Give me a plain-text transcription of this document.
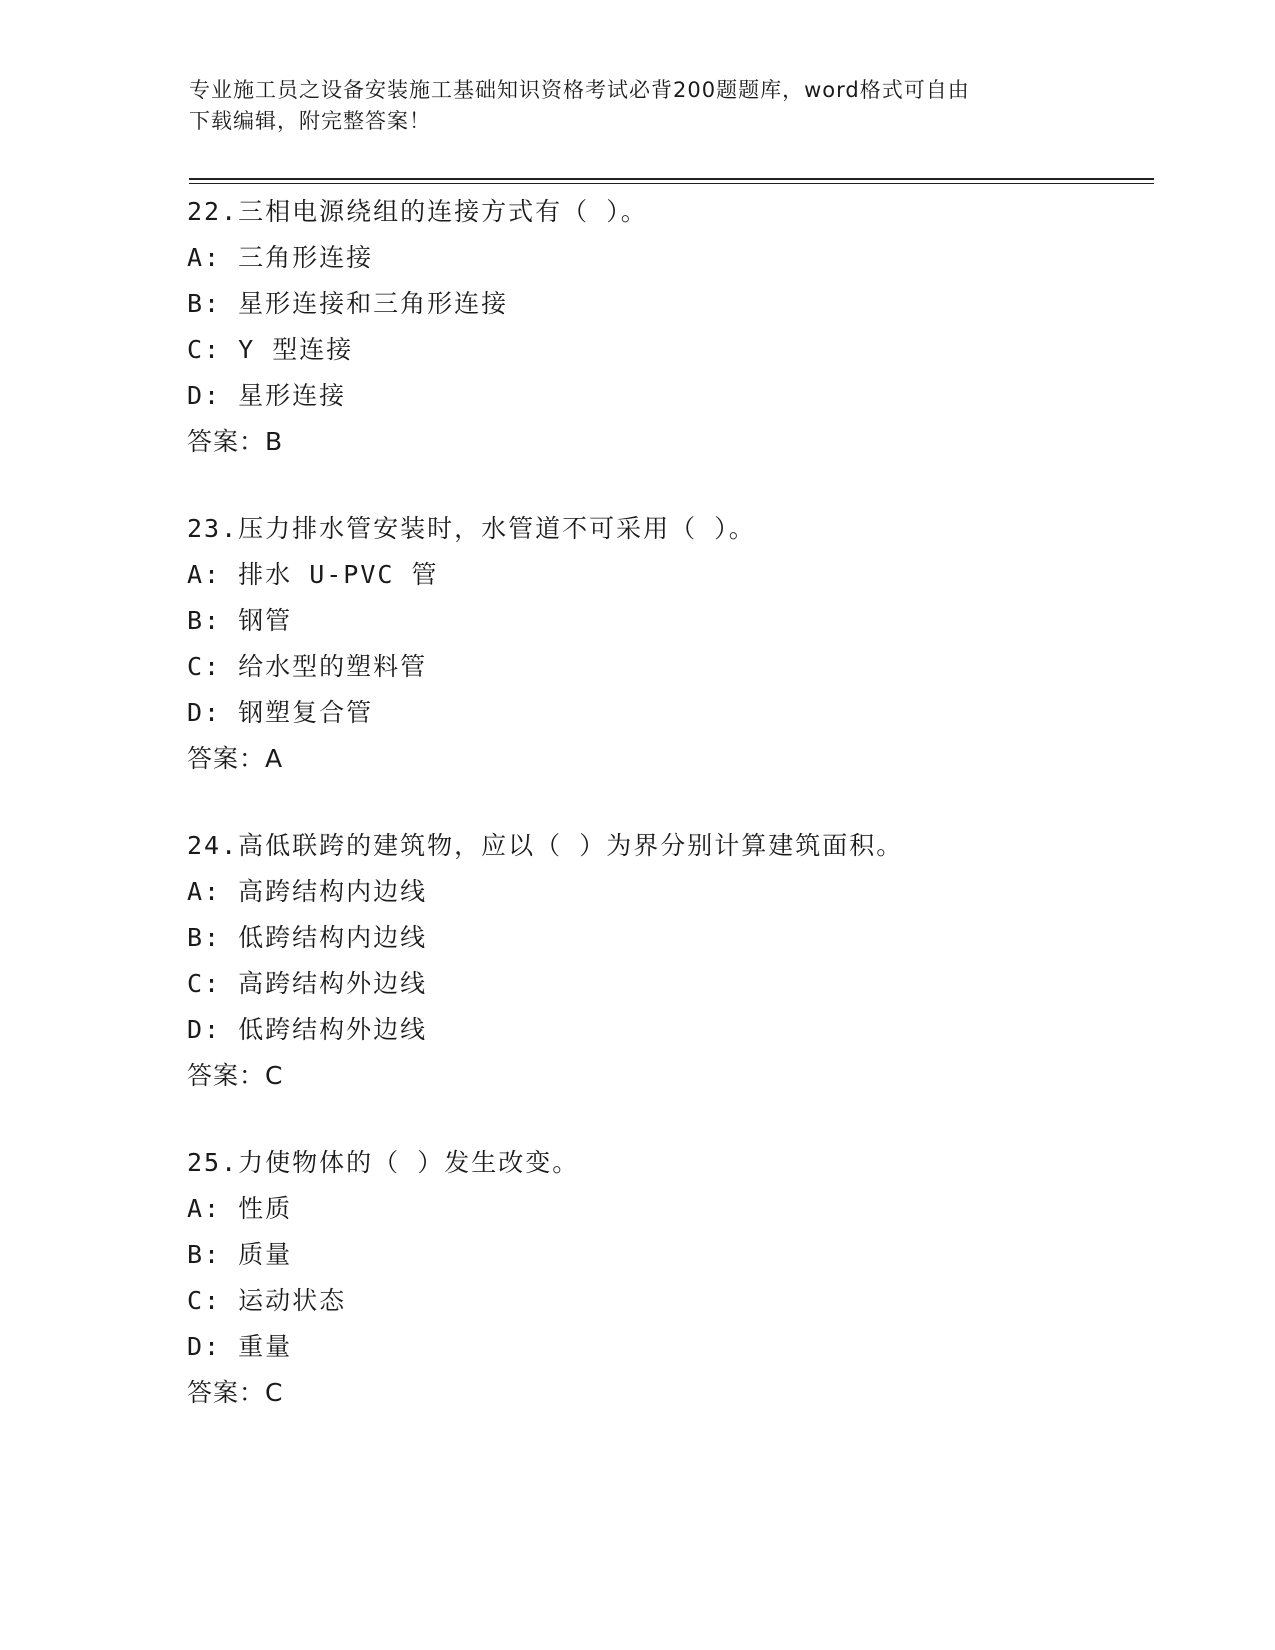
专业施工员之设备安装施工基础知识资格考试必背200题题库，word格式可自由
下载编辑，附完整答案！
22.三相电源绕组的连接方式有（ ）。
A: 三角形连接
B: 星形连接和三角形连接
C: Y 型连接
D: 星形连接
答案：B
23.压力排水管安装时，水管道不可采用（ ）。
A: 排水 U-PVC 管
B: 钢管
C: 给水型的塑料管
D: 钢塑复合管
答案：A
24.高低联跨的建筑物，应以（ ）为界分别计算建筑面积。
A: 高跨结构内边线
B: 低跨结构内边线
C: 高跨结构外边线
D: 低跨结构外边线
答案：C
25.力使物体的（ ）发生改变。
A: 性质
B: 质量
C: 运动状态
D: 重量
答案：C
